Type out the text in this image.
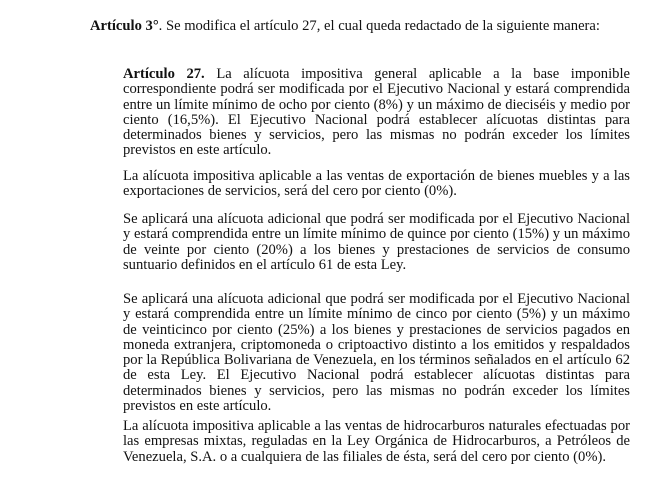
Artículo 3°. Se modifica el artículo 27, el cual queda redactado de la siguiente manera:

Artículo 27. La alícuota impositiva general aplicable a la base imponible correspondiente podrá ser modificada por el Ejecutivo Nacional y estará comprendida entre un límite mínimo de ocho por ciento (8%) y un máximo de dieciséis y medio por ciento (16,5%). El Ejecutivo Nacional podrá establecer alícuotas distintas para determinados bienes y servicios, pero las mismas no podrán exceder los límites previstos en este artículo.

La alícuota impositiva aplicable a las ventas de exportación de bienes muebles y a las exportaciones de servicios, será del cero por ciento (0%).

Se aplicará una alícuota adicional que podrá ser modificada por el Ejecutivo Nacional y estará comprendida entre un límite mínimo de quince por ciento (15%) y un máximo de veinte por ciento (20%) a los bienes y prestaciones de servicios de consumo suntuario definidos en el artículo 61 de esta Ley.

Se aplicará una alícuota adicional que podrá ser modificada por el Ejecutivo Nacional y estará comprendida entre un límite mínimo de cinco por ciento (5%) y un máximo de veinticinco por ciento (25%) a los bienes y prestaciones de servicios pagados en moneda extranjera, criptomoneda o criptoactivo distinto a los emitidos y respaldados por la República Bolivariana de Venezuela, en los términos señalados en el artículo 62 de esta Ley. El Ejecutivo Nacional podrá establecer alícuotas distintas para determinados bienes y servicios, pero las mismas no podrán exceder los límites previstos en este artículo.

La alícuota impositiva aplicable a las ventas de hidrocarburos naturales efectuadas por las empresas mixtas, reguladas en la Ley Orgánica de Hidrocarburos, a Petróleos de Venezuela, S.A. o a cualquiera de las filiales de ésta, será del cero por ciento (0%).
